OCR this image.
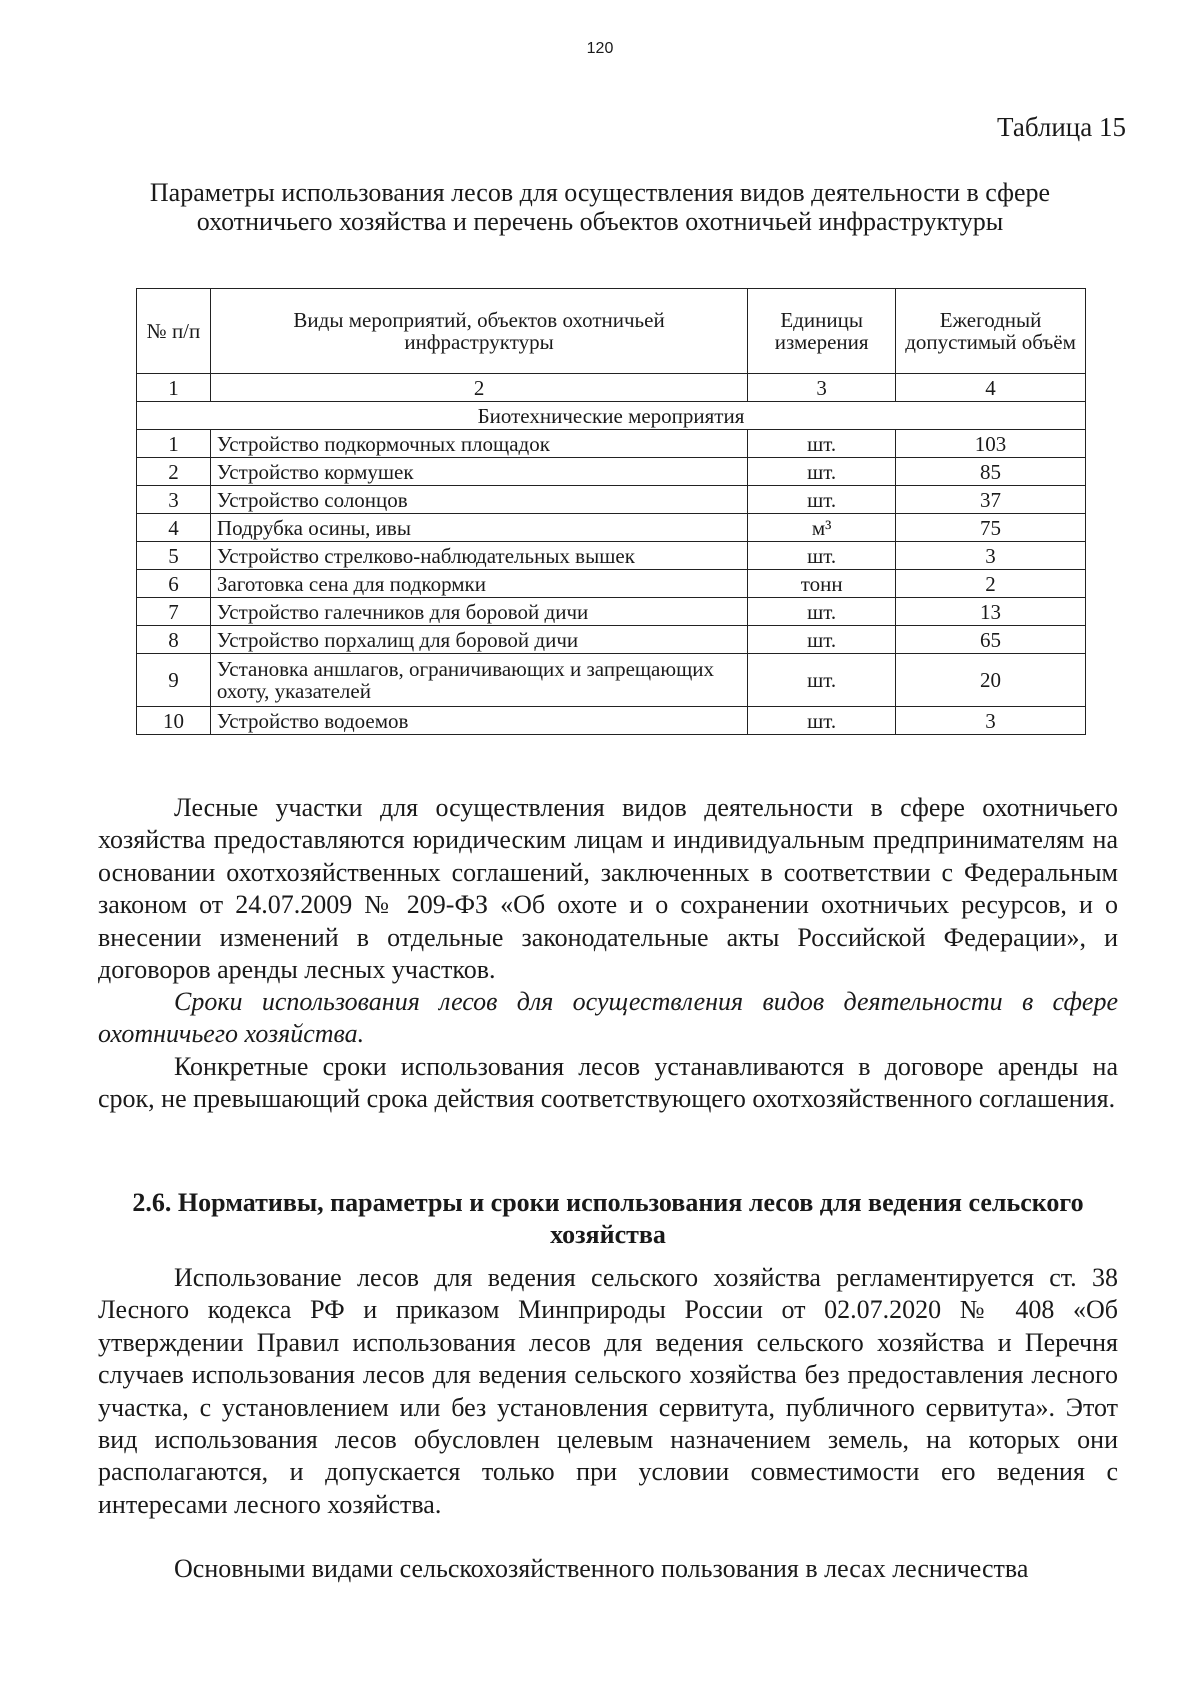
120
Таблица 15
Параметры использования лесов для осуществления видов деятельности в сфере охотничьего хозяйства и перечень объектов охотничьей инфраструктуры
№ п/п	Виды мероприятий, объектов охотничьей инфраструктуры	Единицы измерения	Ежегодный допустимый объём
1	2	3	4
Биотехнические мероприятия			
1	Устройство подкормочных площадок	шт.	103
2	Устройство кормушек	шт.	85
3	Устройство солонцов	шт.	37
4	Подрубка осины, ивы	м³	75
5	Устройство стрелково-наблюдательных вышек	шт.	3
6	Заготовка сена для подкормки	тонн	2
7	Устройство галечников для боровой дичи	шт.	13
8	Устройство порхалищ для боровой дичи	шт.	65
9	Установка аншлагов, ограничивающих и запрещающих охоту, указателей	шт.	20
10	Устройство водоемов	шт.	3
Лесные участки для осуществления видов деятельности в сфере охотничьего хозяйства предоставляются юридическим лицам и индивидуальным предпринимателям на основании охотхозяйственных соглашений, заключенных в соответствии с Федеральным законом от 24.07.2009 № 209-ФЗ «Об охоте и о сохранении охотничьих ресурсов, и о внесении изменений в отдельные законодательные акты Российской Федерации», и договоров аренды лесных участков.
Сроки использования лесов для осуществления видов деятельности в сфере охотничьего хозяйства.
Конкретные сроки использования лесов устанавливаются в договоре аренды на срок, не превышающий срока действия соответствующего охотхозяйственного соглашения.
2.6. Нормативы, параметры и сроки использования лесов для ведения сельского хозяйства
Использование лесов для ведения сельского хозяйства регламентируется ст. 38 Лесного кодекса РФ и приказом Минприроды России от 02.07.2020 № 408 «Об утверждении Правил использования лесов для ведения сельского хозяйства и Перечня случаев использования лесов для ведения сельского хозяйства без предоставления лесного участка, с установлением или без установления сервитута, публичного сервитута». Этот вид использования лесов обусловлен целевым назначением земель, на которых они располагаются, и допускается только при условии совместимости его ведения с интересами лесного хозяйства.
Основными видами сельскохозяйственного пользования в лесах лесничества
